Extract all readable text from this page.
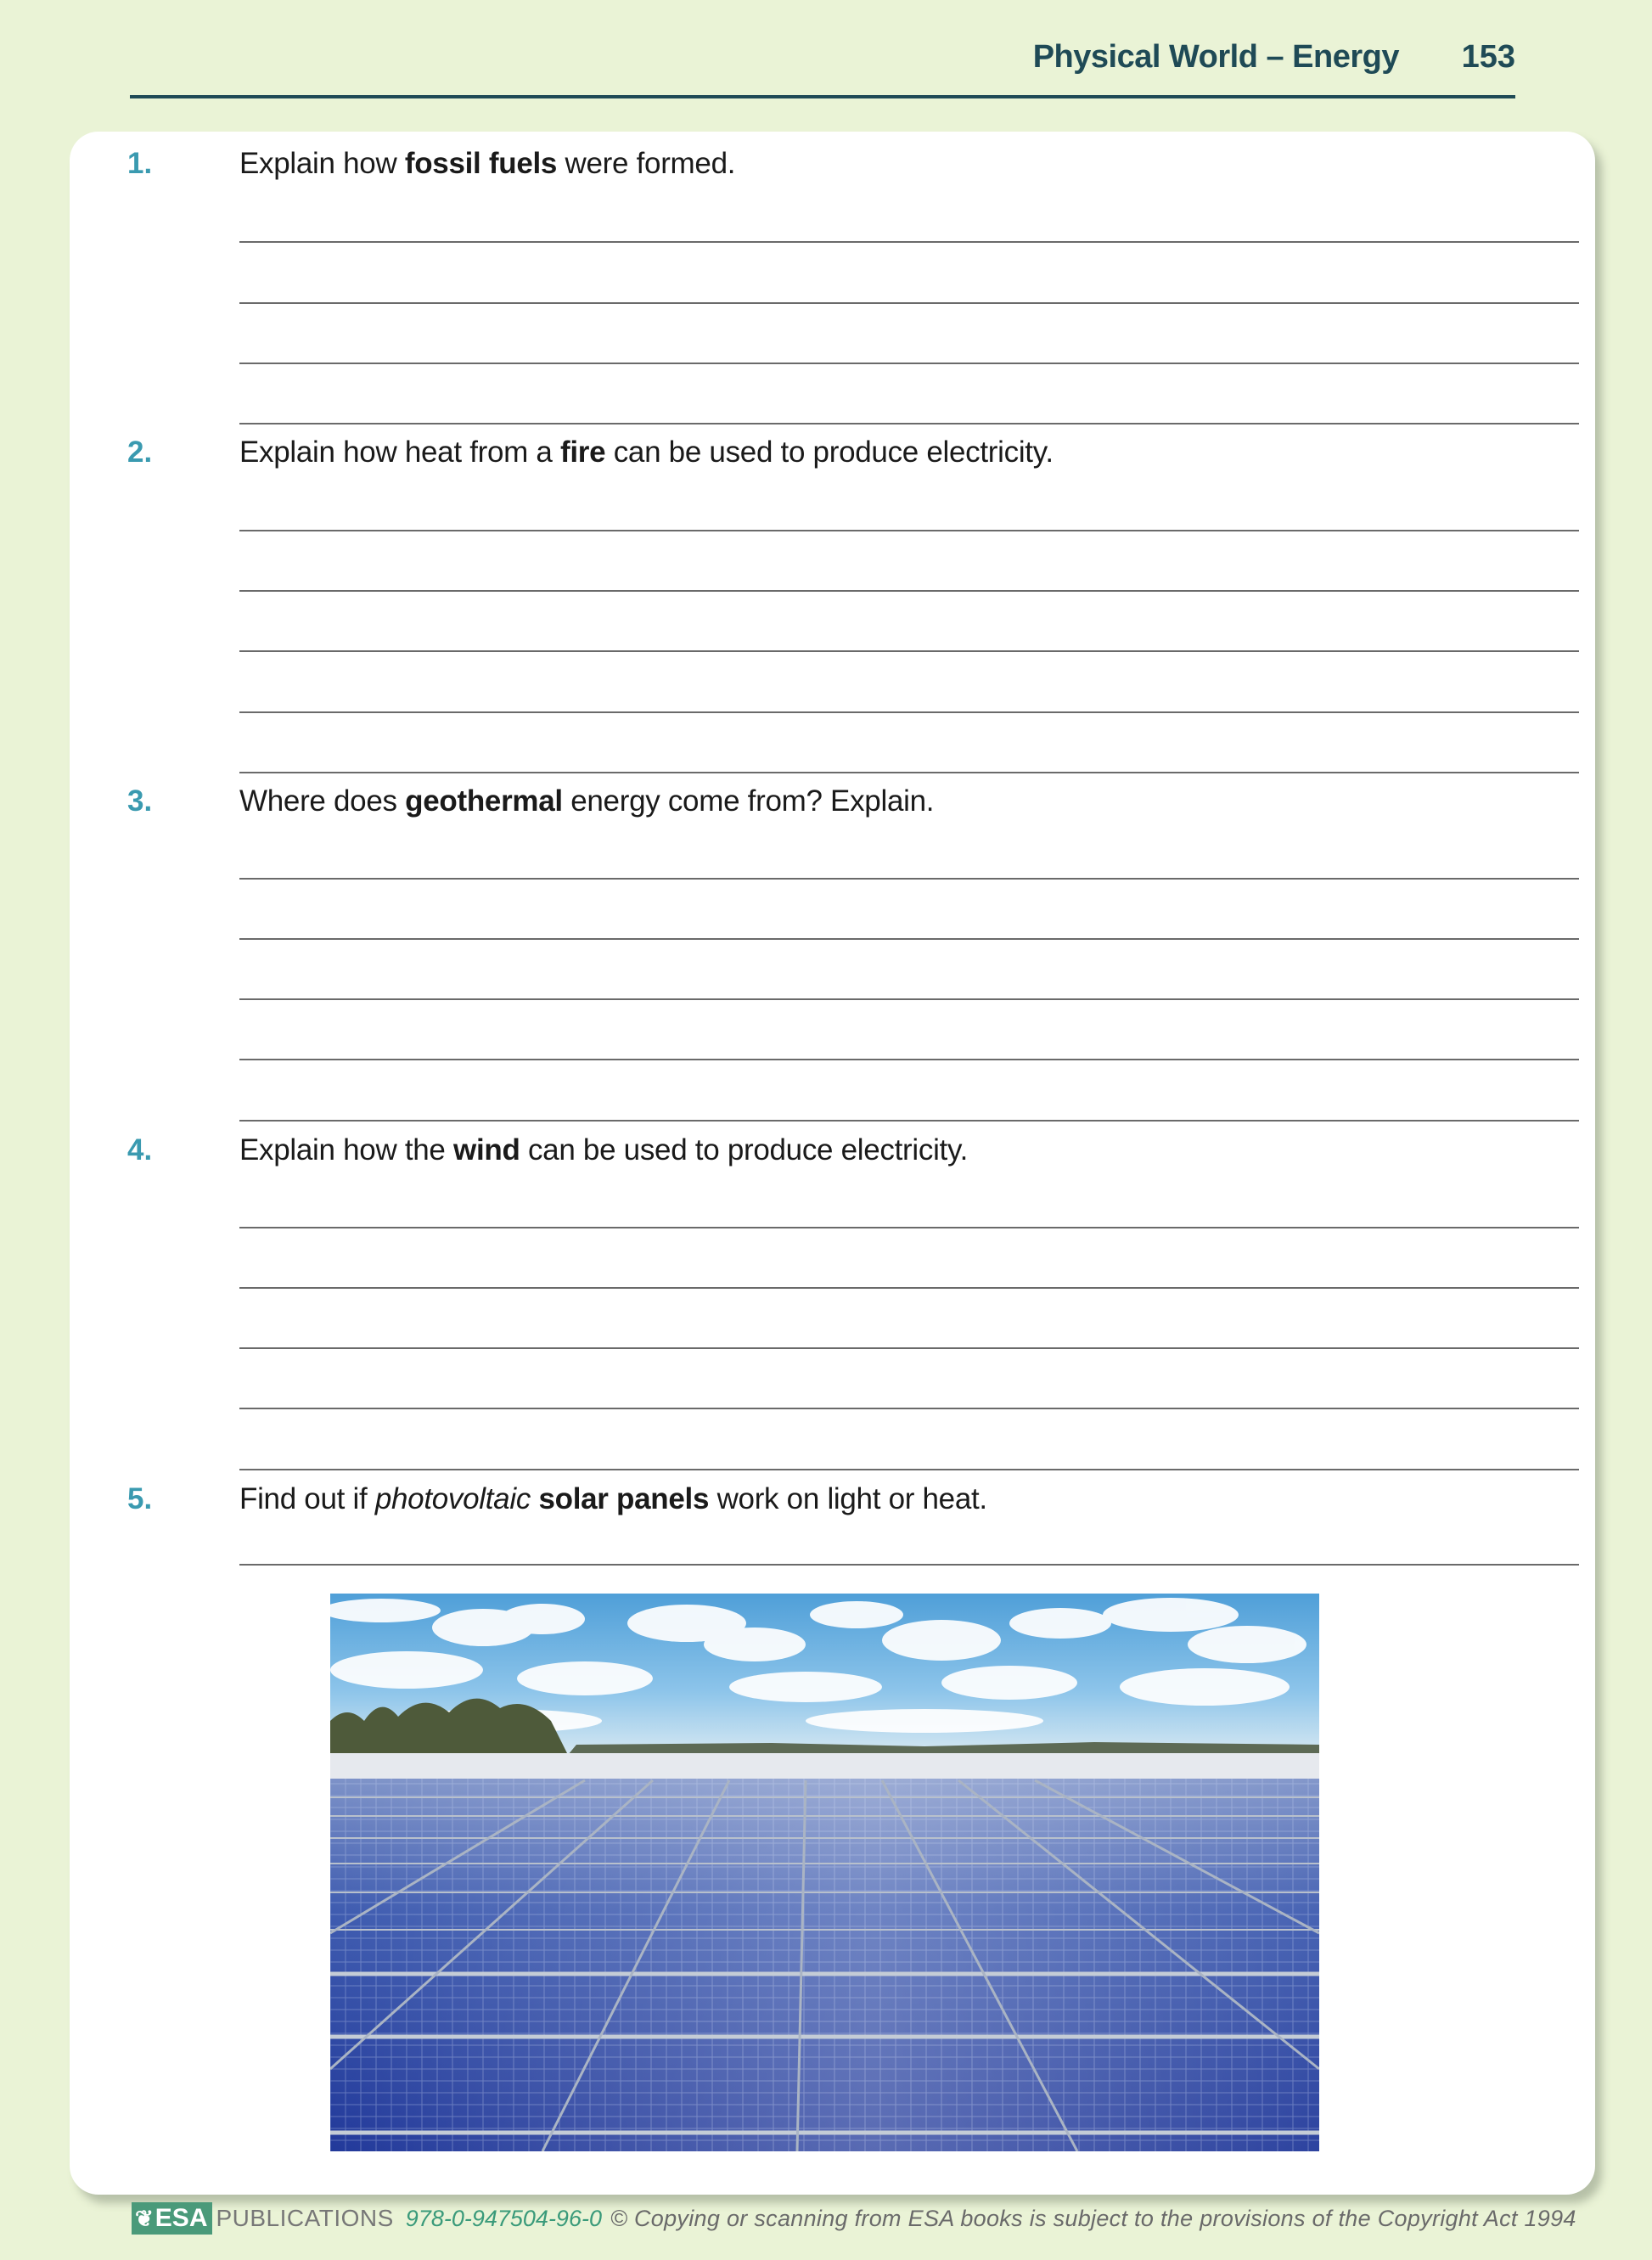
Physical World – Energy 153
1.	Explain how fossil fuels were formed.
2.	Explain how heat from a fire can be used to produce electricity.
3.	Where does geothermal energy come from? Explain.
4.	Explain how the wind can be used to produce electricity.
5.	Find out if photovoltaic solar panels work on light or heat.
❦ESA PUBLICATIONS 978-0-947504-96-0 © Copying or scanning from ESA books is subject to the provisions of the Copyright Act 1994
